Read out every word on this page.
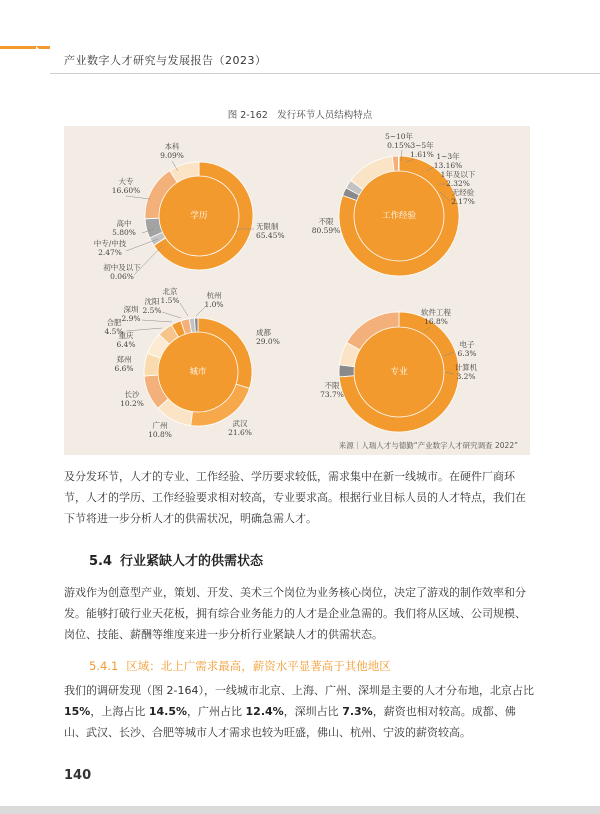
产业数字人才研究与发展报告（2023）
图 2-162　发行环节人员结构特点
学历
本科
9.09%
大专
16.60%
高中
5.80%
中专/中技
2.47%
初中及以下
0.06%
无限制
65.45%
工作经验
5~10年
0.15% 3~5年
1.61% 1~3年
13.16%
1年及以下
2.32%
无经验
2.17%
不限
80.59%
城市
北京
1.5%
杭州
1.0%
沈阳
2.5%
深圳
2.9%
合肥
4.5%
重庆
6.4%
郑州
6.6%
长沙
10.2%
广州
10.8%
武汉
21.6%
成都
29.0%
专业
软件工程
16.8%
电子
6.3%
计算机
3.2%
不限
73.7%
来源｜人瑞人才与德勤“产业数字人才研究调查 2022”

及分发环节，人才的专业、工作经验、学历要求较低，需求集中在新一线城市。在硬件厂商环节，人才的学历、工作经验要求相对较高，专业要求高。根据行业目标人员的人才特点，我们在下节将进一步分析人才的供需状况，明确急需人才。

5.4 行业紧缺人才的供需状态

游戏作为创意型产业，策划、开发、美术三个岗位为业务核心岗位，决定了游戏的制作效率和分发。能够打破行业天花板，拥有综合业务能力的人才是企业急需的。我们将从区域、公司规模、岗位、技能、薪酬等维度来进一步分析行业紧缺人才的供需状态。

5.4.1 区域：北上广需求最高，薪资水平显著高于其他地区

我们的调研发现（图 2-164），一线城市北京、上海、广州、深圳是主要的人才分布地，北京占比 15%，上海占比 14.5%，广州占比 12.4%，深圳占比 7.3%，薪资也相对较高。成都、佛山、武汉、长沙、合肥等城市人才需求也较为旺盛，佛山、杭州、宁波的薪资较高。

140
